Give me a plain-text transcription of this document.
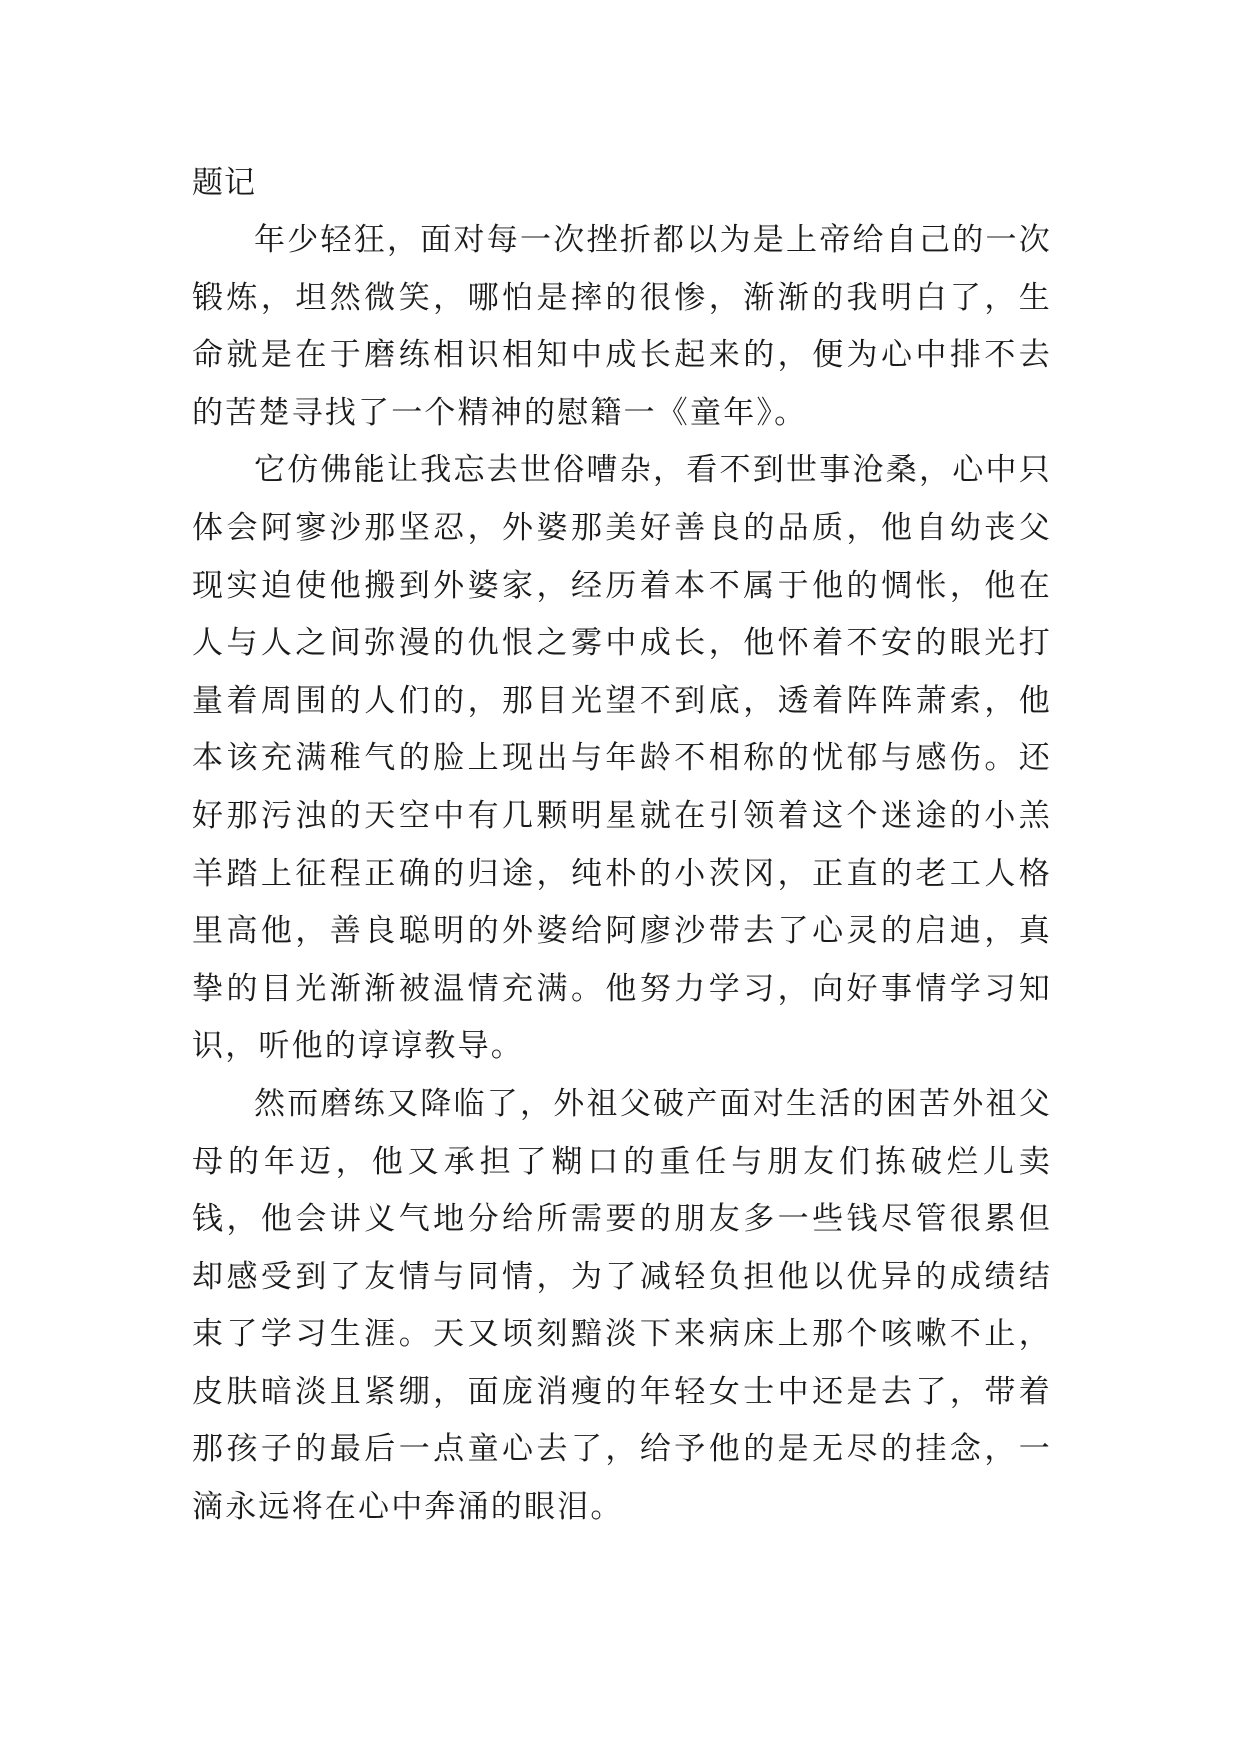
题记

年少轻狂，面对每一次挫折都以为是上帝给自己的一次锻炼，坦然微笑，哪怕是摔的很惨，渐渐的我明白了，生命就是在于磨练相识相知中成长起来的，便为心中排不去的苦楚寻找了一个精神的慰籍一《童年》。

它仿佛能让我忘去世俗嘈杂，看不到世事沧桑，心中只体会阿寥沙那坚忍，外婆那美好善良的品质，他自幼丧父现实迫使他搬到外婆家，经历着本不属于他的惆怅，他在人与人之间弥漫的仇恨之雾中成长，他怀着不安的眼光打量着周围的人们的，那目光望不到底，透着阵阵萧索，他本该充满稚气的脸上现出与年龄不相称的忧郁与感伤。还好那污浊的天空中有几颗明星就在引领着这个迷途的小羔羊踏上征程正确的归途，纯朴的小茨冈，正直的老工人格里高他，善良聪明的外婆给阿廖沙带去了心灵的启迪，真挚的目光渐渐被温情充满。他努力学习，向好事情学习知识，听他的谆谆教导。

然而磨练又降临了，外祖父破产面对生活的困苦外祖父母的年迈，他又承担了糊口的重任与朋友们拣破烂儿卖钱，他会讲义气地分给所需要的朋友多一些钱尽管很累但却感受到了友情与同情，为了减轻负担他以优异的成绩结束了学习生涯。天又顷刻黯淡下来病床上那个咳嗽不止，皮肤暗淡且紧绷，面庞消瘦的年轻女士中还是去了，带着那孩子的最后一点童心去了，给予他的是无尽的挂念，一滴永远将在心中奔涌的眼泪。
